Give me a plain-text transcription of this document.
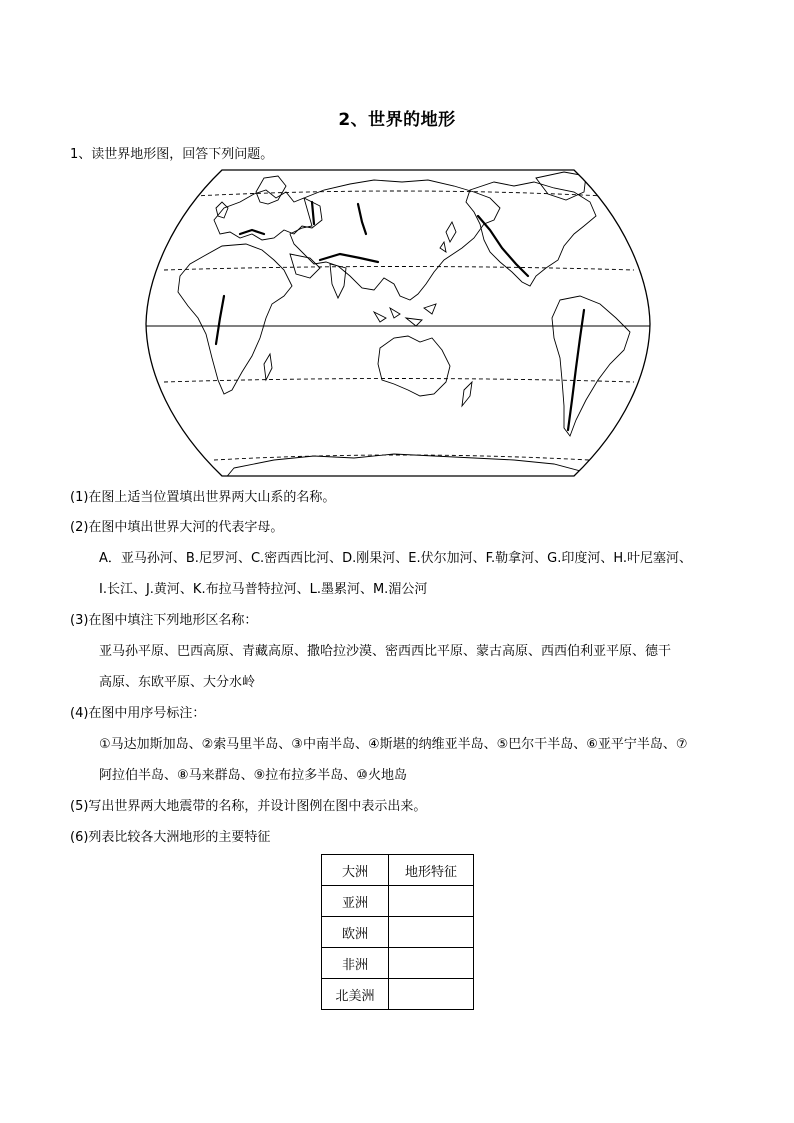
2、世界的地形
1、读世界地形图，回答下列问题。
(1)在图上适当位置填出世界两大山系的名称。
(2)在图中填出世界大河的代表字母。
A．亚马孙河、B.尼罗河、C.密西西比河、D.刚果河、E.伏尔加河、F.勒拿河、G.印度河、H.叶尼塞河、
I.长江、J.黄河、K.布拉马普特拉河、L.墨累河、M.湄公河
(3)在图中填注下列地形区名称：
亚马孙平原、巴西高原、青藏高原、撒哈拉沙漠、密西西比平原、蒙古高原、西西伯利亚平原、德干
高原、东欧平原、大分水岭
(4)在图中用序号标注：
①马达加斯加岛、②索马里半岛、③中南半岛、④斯堪的纳维亚半岛、⑤巴尔干半岛、⑥亚平宁半岛、⑦
阿拉伯半岛、⑧马来群岛、⑨拉布拉多半岛、⑩火地岛
(5)写出世界两大地震带的名称，并设计图例在图中表示出来。
(6)列表比较各大洲地形的主要特征
大洲	地形特征
亚洲	
欧洲	
非洲	
北美洲	
